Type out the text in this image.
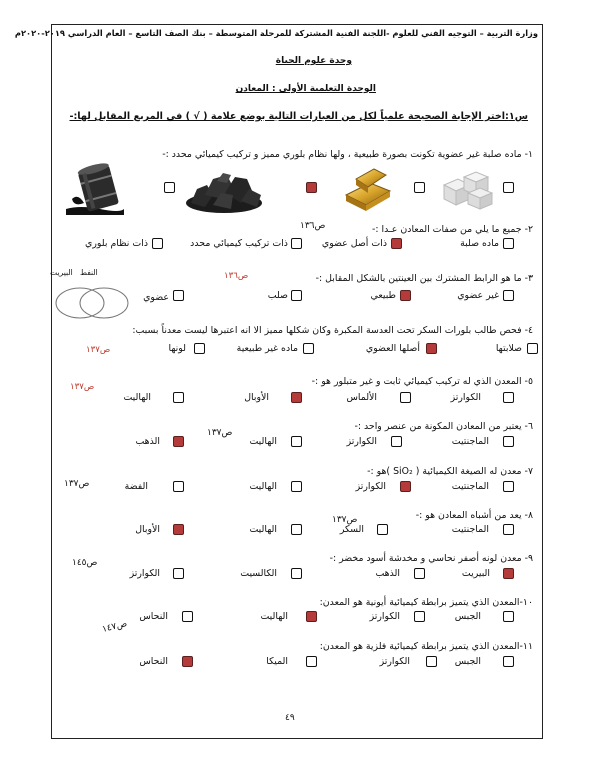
وزارة التربية – التوجيه الفني للعلوم -اللجنة الفنية المشتركة للمرحلة المتوسطة – بنك الصف التاسع – العام الدراسي ٢٠١٩-٢٠٢٠م
وحدة علوم الحياة
الوحدة التعلمية الأولى : المعادن
س١:اختر الإجابة الصحيحة علمياً لكل من العبارات التالية بوضع علامة ( √ ) في المربع المقابل لها:-
١- ماده صلبة غير عضوية تكونت بصورة طبيعية ، ولها نظام بلوري مميز و تركيب كيميائي محدد :-
٢- جميع ما يلي من صفات المعادن عـدا :-
ص١٣٦
ماده صلبة
ذات أصل عضوي
ذات تركيب كيميائي محدد
ذات نظام بلوري
٣- ما هو الرابط المشترك بين العينتين بالشكل المقابل :-
ص١٣٦
النفط
البيريت
غير عضوي
طبيعي
صلب
عضوي
٤- فحص طالب بلورات السكر تحت العدسة المكبرة وكان شكلها مميز الا انه اعتبرها ليست معدناً بسبب:
صلابتها
أصلها العضوي
ماده غير طبيعية
لونها
ص١٣٧
٥- المعدن الذي له تركيب كيميائي ثابت و غير متبلور هو :-
ص١٣٧
الكوارتز
الألماس
الأوبال
الهاليت
٦- يعتبر من المعادن المكونة من عنصر واحد :-
ص١٣٧
الماجنتيت
الكوارتز
الهاليت
الذهب
٧- معدن له الصيغة الكيميائية ( SiO₂ )هو :-
ص١٣٧	الماجنتيت
الكوارتز
الهاليت
الفضة
٨- يعد من أشباه المعادن هو :-
ص١٣٧
الماجنتيت
السكر
الهاليت
الأوبال
٩- معدن لونه أصفر نحاسي و مخدشة أسود مخضر :-
ص١٤٥
البيريت
الذهب
الكالسيت
الكوارتز
١٠-المعدن الذي يتميز برابطة كيميائية أيونية هو المعدن:
ص١٤٧
الجبس
الكوارتز
الهاليت
النحاس
١١-المعدن الذي يتميز برابطة كيميائية فلزية هو المعدن:
الجبس
الكوارتز
الميكا
النحاس
٤٩
